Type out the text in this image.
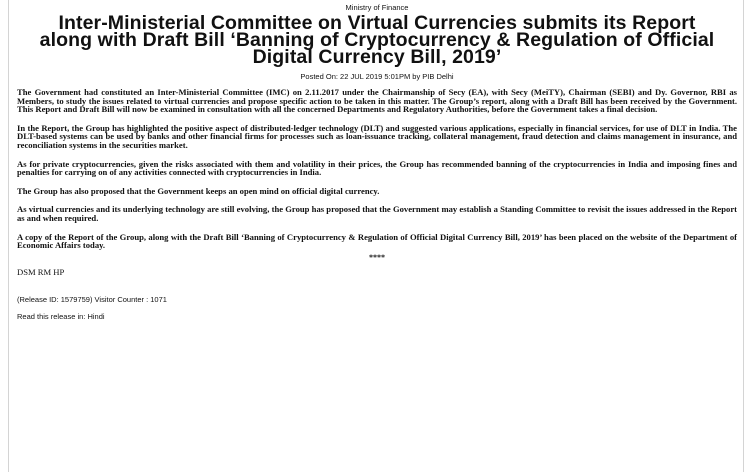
Ministry of Finance
Inter-Ministerial Committee on Virtual Currencies submits its Report along with Draft Bill ‘Banning of Cryptocurrency & Regulation of Official Digital Currency Bill, 2019’
Posted On: 22 JUL 2019 5:01PM by PIB Delhi
The Government had constituted an Inter-Ministerial Committee (IMC) on 2.11.2017 under the Chairmanship of Secy (EA), with Secy (MeiTY), Chairman (SEBI) and Dy. Governor, RBI as Members, to study the issues related to virtual currencies and propose specific action to be taken in this matter. The Group’s report, along with a Draft Bill has been received by the Government. This Report and Draft Bill will now be examined in consultation with all the concerned Departments and Regulatory Authorities, before the Government takes a final decision.
In the Report, the Group has highlighted the positive aspect of distributed-ledger technology (DLT) and suggested various applications, especially in financial services, for use of DLT in India. The DLT-based systems can be used by banks and other financial firms for processes such as loan-issuance tracking, collateral management, fraud detection and claims management in insurance, and reconciliation systems in the securities market.
As for private cryptocurrencies, given the risks associated with them and volatility in their prices, the Group has recommended banning of the cryptocurrencies in India and imposing fines and penalties for carrying on of any activities connected with cryptocurrencies in India.
The Group has also proposed that the Government keeps an open mind on official digital currency.
As virtual currencies and its underlying technology are still evolving, the Group has proposed that the Government may establish a Standing Committee to revisit the issues addressed in the Report as and when required.
A copy of the Report of the Group, along with the Draft Bill ‘Banning of Cryptocurrency & Regulation of Official Digital Currency Bill, 2019’ has been placed on the website of the Department of Economic Affairs today.
****
DSM RM HP
(Release ID: 1579759) Visitor Counter : 1071
Read this release in: Hindi
